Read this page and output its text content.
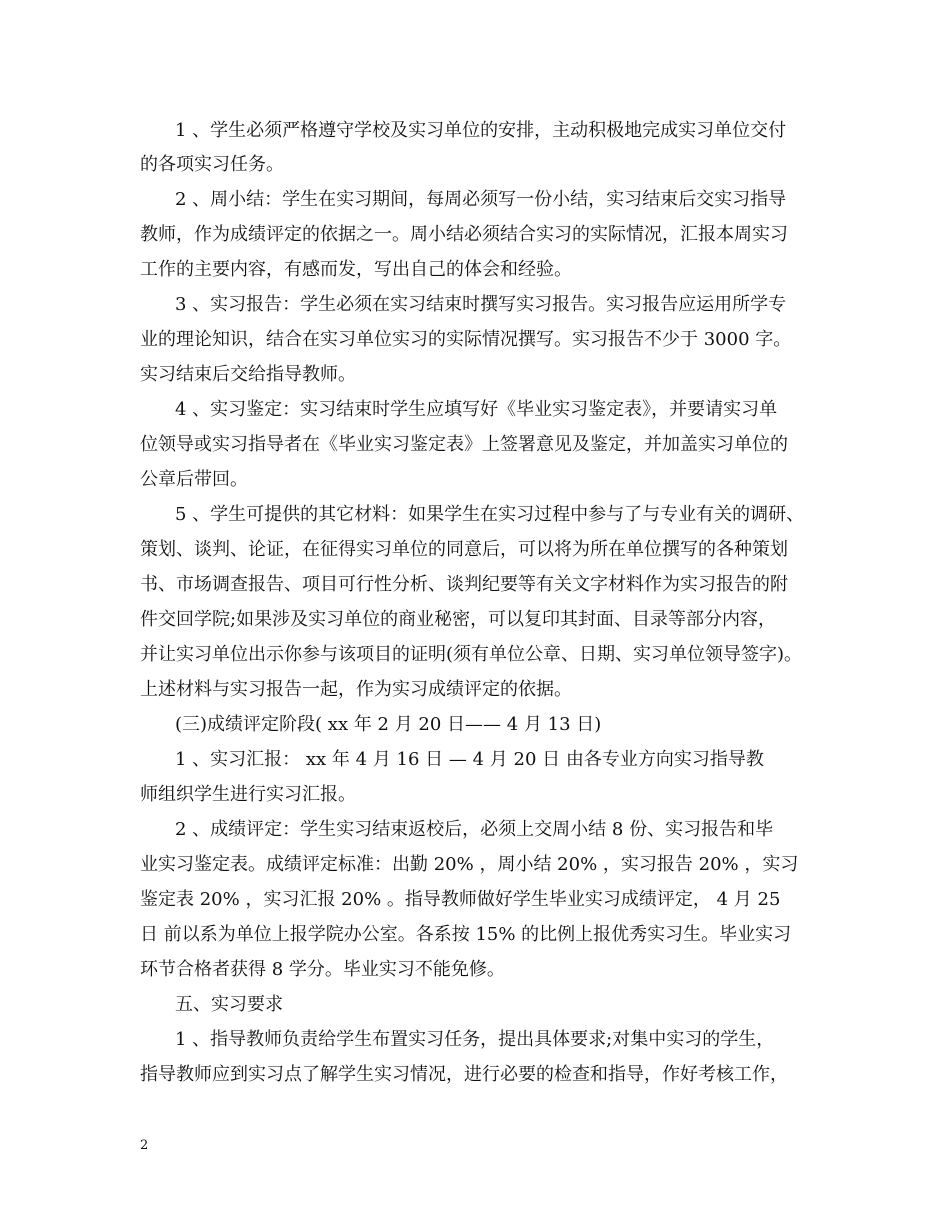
1 、学生必须严格遵守学校及实习单位的安排，主动积极地完成实习单位交付
的各项实习任务。
2 、周小结：学生在实习期间，每周必须写一份小结，实习结束后交实习指导
教师，作为成绩评定的依据之一。周小结必须结合实习的实际情况，汇报本周实习
工作的主要内容，有感而发，写出自己的体会和经验。
3 、实习报告：学生必须在实习结束时撰写实习报告。实习报告应运用所学专
业的理论知识，结合在实习单位实习的实际情况撰写。实习报告不少于 3000 字。
实习结束后交给指导教师。
4 、实习鉴定：实习结束时学生应填写好《毕业实习鉴定表》，并要请实习单
位领导或实习指导者在《毕业实习鉴定表》上签署意见及鉴定，并加盖实习单位的
公章后带回。
5 、学生可提供的其它材料：如果学生在实习过程中参与了与专业有关的调研、
策划、谈判、论证，在征得实习单位的同意后，可以将为所在单位撰写的各种策划
书、市场调查报告、项目可行性分析、谈判纪要等有关文字材料作为实习报告的附
件交回学院;如果涉及实习单位的商业秘密，可以复印其封面、目录等部分内容，
并让实习单位出示你参与该项目的证明(须有单位公章、日期、实习单位领导签字)。
上述材料与实习报告一起，作为实习成绩评定的依据。
(三)成绩评定阶段( xx 年 2 月 20 日—— 4 月 13 日)
1 、实习汇报： xx 年 4 月 16 日 — 4 月 20 日 由各专业方向实习指导教
师组织学生进行实习汇报。
2 、成绩评定：学生实习结束返校后，必须上交周小结 8 份、实习报告和毕
业实习鉴定表。成绩评定标准：出勤 20% ，周小结 20% ，实习报告 20% ，实习
鉴定表 20% ，实习汇报 20% 。指导教师做好学生毕业实习成绩评定， 4 月 25
日 前以系为单位上报学院办公室。各系按 15% 的比例上报优秀实习生。毕业实习
环节合格者获得 8 学分。毕业实习不能免修。
五、实习要求
1 、指导教师负责给学生布置实习任务，提出具体要求;对集中实习的学生，
指导教师应到实习点了解学生实习情况，进行必要的检查和指导，作好考核工作，
2
